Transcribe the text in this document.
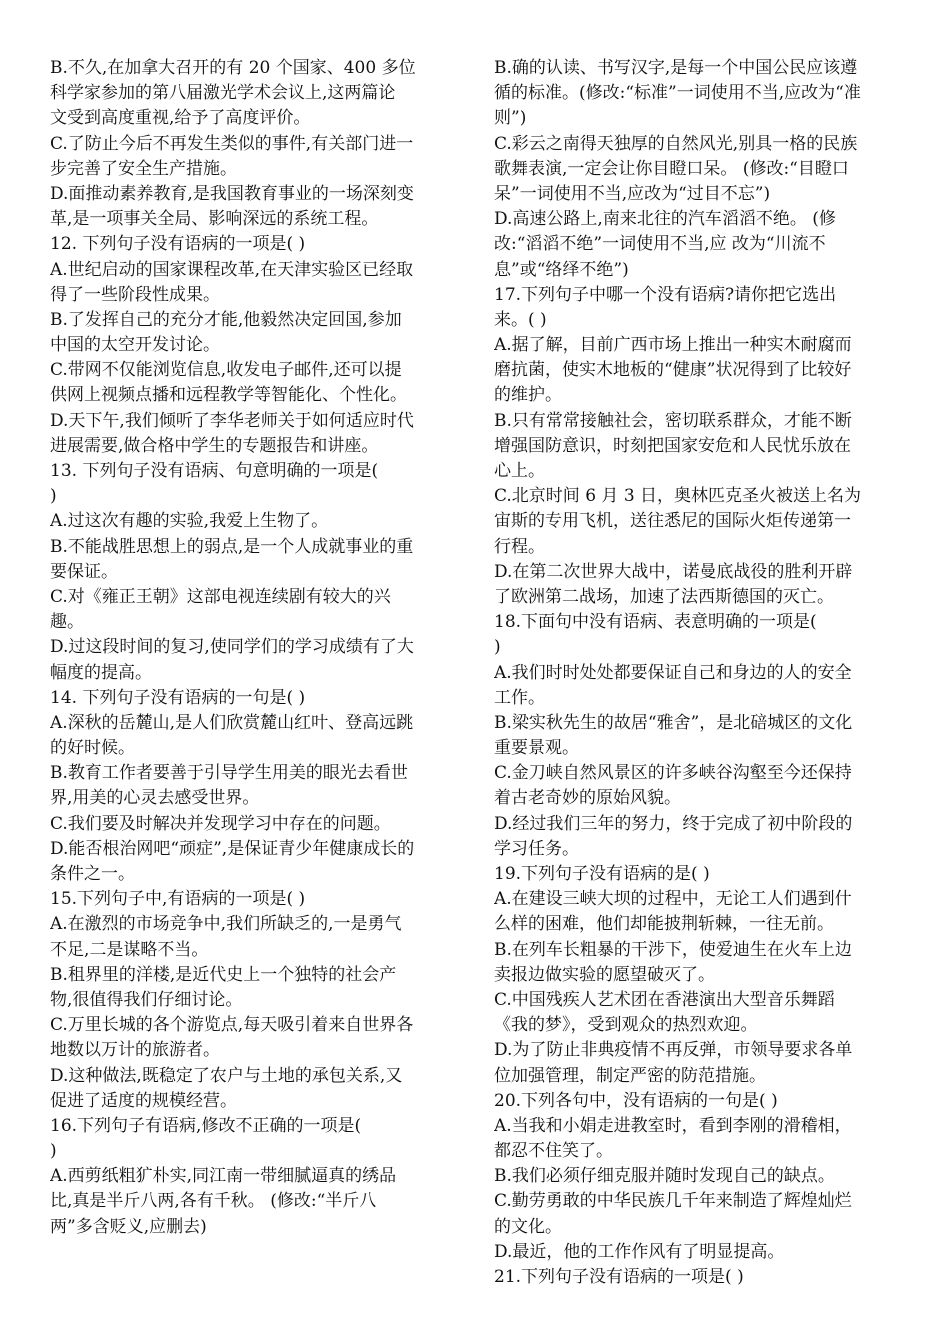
B.不久,在加拿大召开的有 20 个国家、400 多位
科学家参加的第八届激光学术会议上,这两篇论
文受到高度重视,给予了高度评价。
C.了防止今后不再发生类似的事件,有关部门进一
步完善了安全生产措施。
D.面推动素养教育,是我国教育事业的一场深刻变
革,是一项事关全局、影响深远的系统工程。
12. 下列句子没有语病的一项是( )
A.世纪启动的国家课程改革,在天津实验区已经取
得了一些阶段性成果。
B.了发挥自己的充分才能,他毅然决定回国,参加
中国的太空开发讨论。
C.带网不仅能浏览信息,收发电子邮件,还可以提
供网上视频点播和远程教学等智能化、个性化。
D.天下午,我们倾听了李华老师关于如何适应时代
进展需要,做合格中学生的专题报告和讲座。
13. 下列句子没有语病、句意明确的一项是(
)
A.过这次有趣的实验,我爱上生物了。
B.不能战胜思想上的弱点,是一个人成就事业的重
要保证。
C.对《雍正王朝》这部电视连续剧有较大的兴
趣。
D.过这段时间的复习,使同学们的学习成绩有了大
幅度的提高。
14. 下列句子没有语病的一句是( )
A.深秋的岳麓山,是人们欣赏麓山红叶、登高远跳
的好时候。
B.教育工作者要善于引导学生用美的眼光去看世
界,用美的心灵去感受世界。
C.我们要及时解决并发现学习中存在的问题。
D.能否根治网吧“顽症”,是保证青少年健康成长的
条件之一。
15.下列句子中,有语病的一项是( )
A.在激烈的市场竞争中,我们所缺乏的,一是勇气
不足,二是谋略不当。
B.租界里的洋楼,是近代史上一个独特的社会产
物,很值得我们仔细讨论。
C.万里长城的各个游览点,每天吸引着来自世界各
地数以万计的旅游者。
D.这种做法,既稳定了农户与土地的承包关系,又
促进了适度的规模经营。
16.下列句子有语病,修改不正确的一项是(
)
A.西剪纸粗犷朴实,同江南一带细腻逼真的绣品
比,真是半斤八两,各有千秋。 (修改:“半斤八
两”多含贬义,应删去)
B.确的认读、书写汉字,是每一个中国公民应该遵
循的标准。(修改:“标准”一词使用不当,应改为“准
则”)
C.彩云之南得天独厚的自然风光,别具一格的民族
歌舞表演,一定会让你目瞪口呆。 (修改:“目瞪口
呆”一词使用不当,应改为“过目不忘”)
D.高速公路上,南来北往的汽车滔滔不绝。 (修
改:“滔滔不绝”一词使用不当,应 改为“川流不
息”或“络绎不绝”)
17.下列句子中哪一个没有语病?请你把它选出
来。( )
A.据了解，目前广西市场上推出一种实木耐腐而
磨抗菌，使实木地板的“健康”状况得到了比较好
的维护。
B.只有常常接触社会，密切联系群众，才能不断
增强国防意识，时刻把国家安危和人民忧乐放在
心上。
C.北京时间 6 月 3 日，奥林匹克圣火被送上名为
宙斯的专用飞机，送往悉尼的国际火炬传递第一
行程。
D.在第二次世界大战中，诺曼底战役的胜利开辟
了欧洲第二战场，加速了法西斯德国的灭亡。
18.下面句中没有语病、表意明确的一项是(
)
A.我们时时处处都要保证自己和身边的人的安全
工作。
B.梁实秋先生的故居“雅舍”，是北碚城区的文化
重要景观。
C.金刀峡自然风景区的许多峡谷沟壑至今还保持
着古老奇妙的原始风貌。
D.经过我们三年的努力，终于完成了初中阶段的
学习任务。
19.下列句子没有语病的是( )
A.在建设三峡大坝的过程中，无论工人们遇到什
么样的困难，他们却能披荆斩棘，一往无前。
B.在列车长粗暴的干涉下，使爱迪生在火车上边
卖报边做实验的愿望破灭了。
C.中国残疾人艺术团在香港演出大型音乐舞蹈
《我的梦》，受到观众的热烈欢迎。
D.为了防止非典疫情不再反弹，市领导要求各单
位加强管理，制定严密的防范措施。
20.下列各句中，没有语病的一句是( )
A.当我和小娟走进教室时，看到李刚的滑稽相，
都忍不住笑了。
B.我们必须仔细克服并随时发现自己的缺点。
C.勤劳勇敢的中华民族几千年来制造了辉煌灿烂
的文化。
D.最近，他的工作作风有了明显提高。
21.下列句子没有语病的一项是( )
